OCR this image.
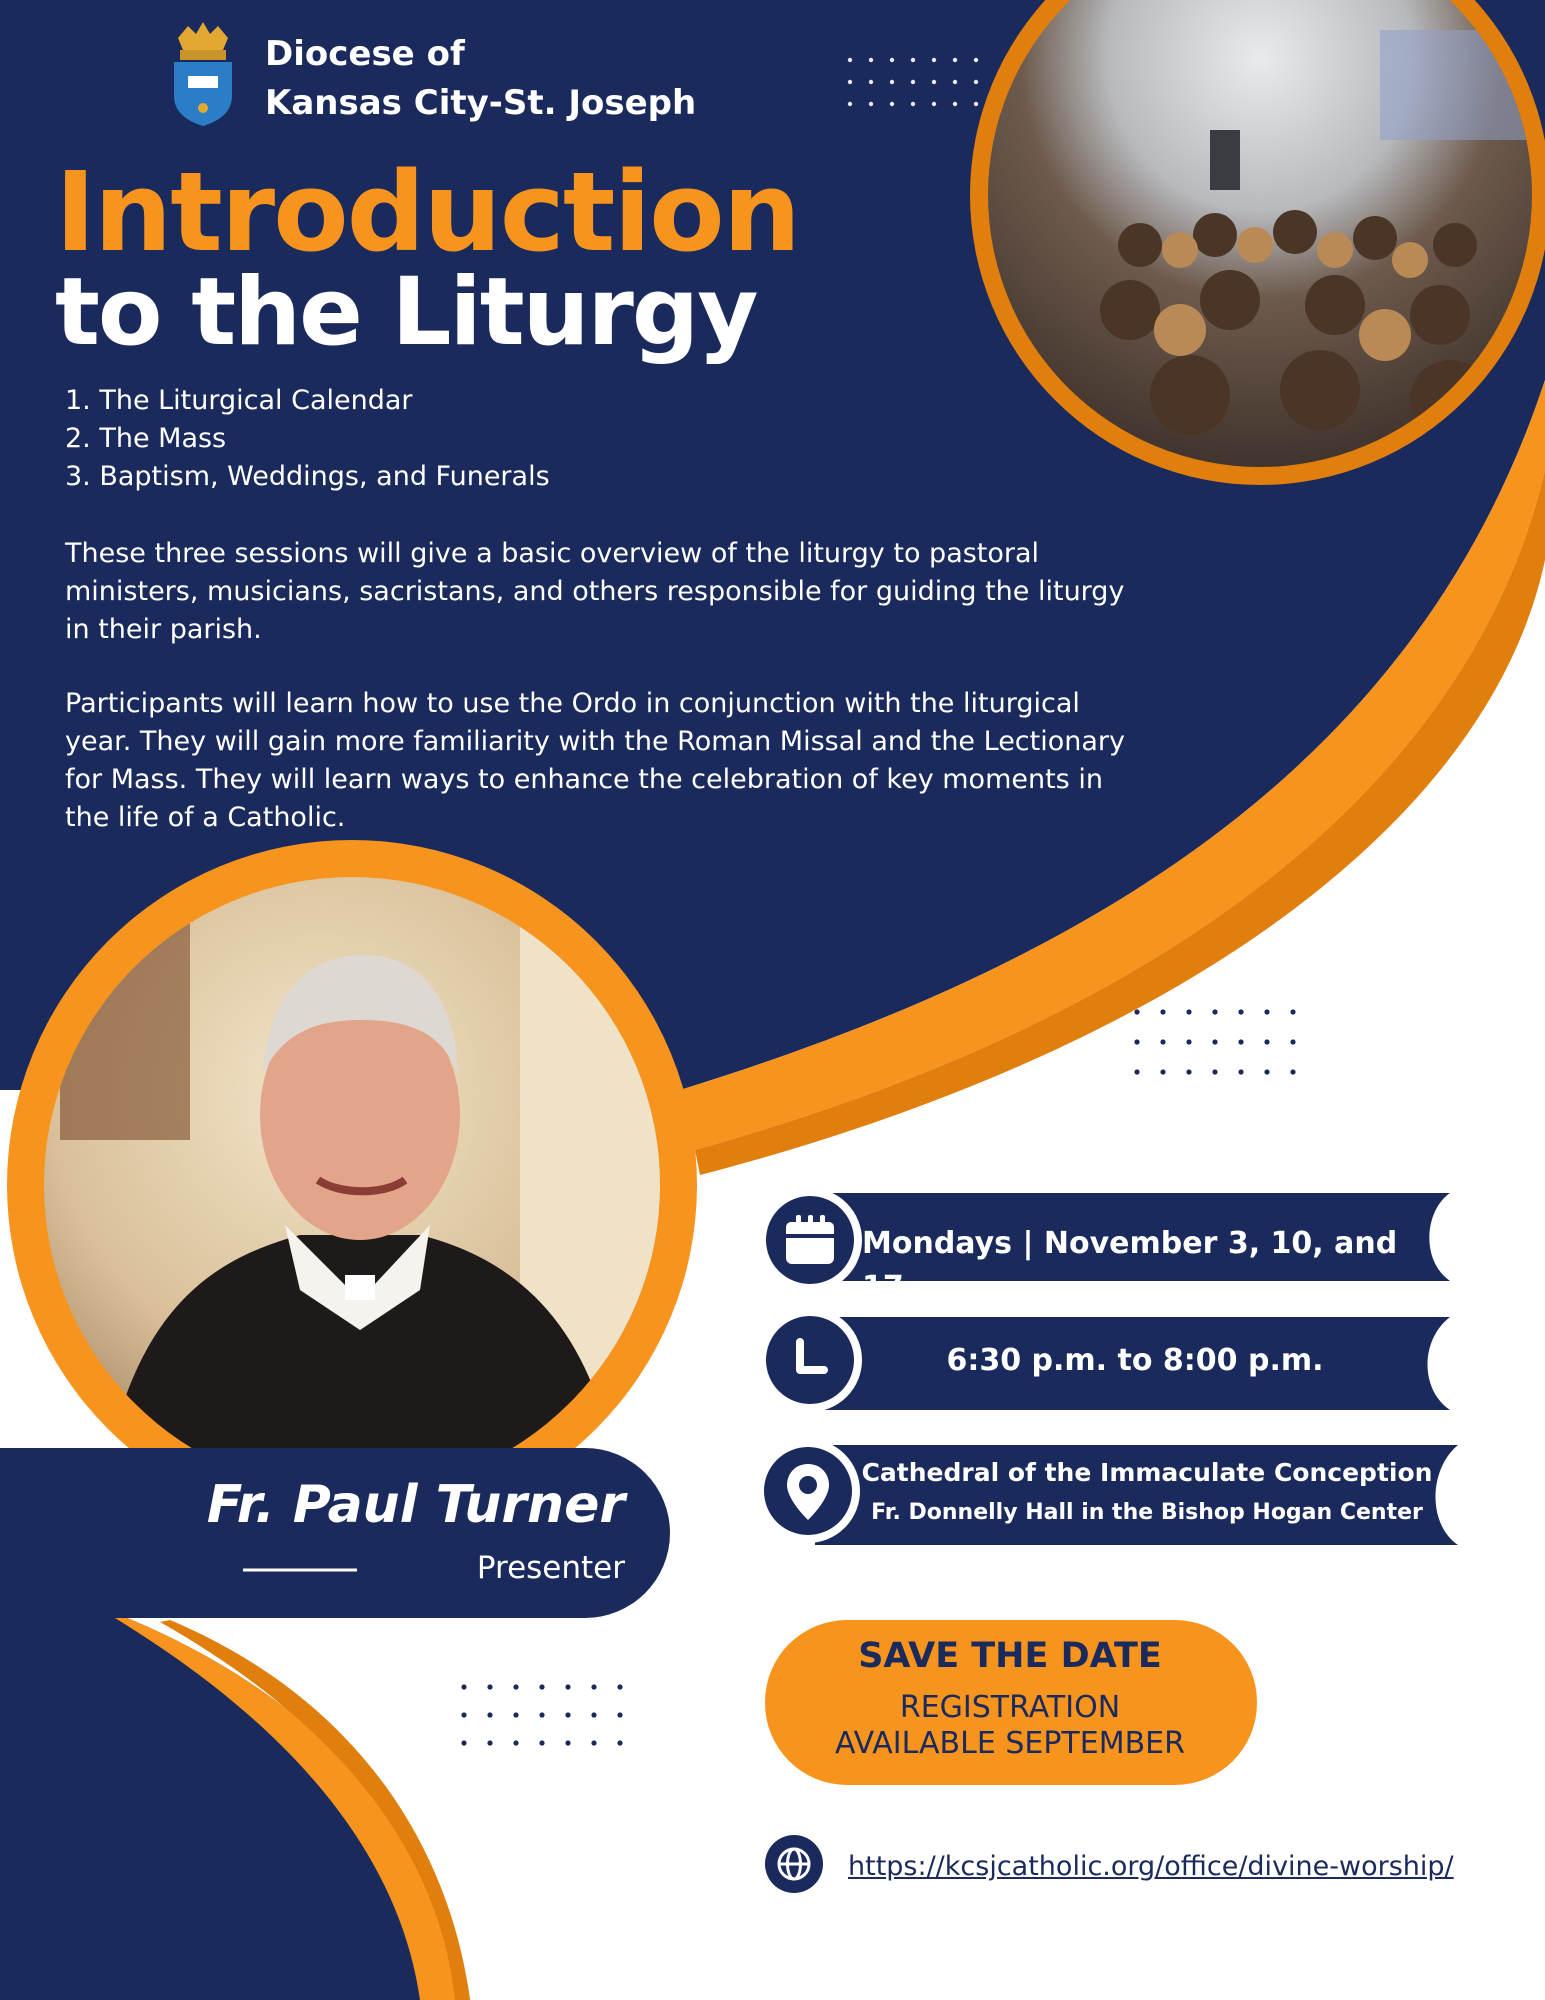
Diocese of
Kansas City-St. Joseph
Introduction
to the Liturgy
1. The Liturgical Calendar
2. The Mass
3. Baptism, Weddings, and Funerals

These three sessions will give a basic overview of the liturgy to pastoral ministers, musicians, sacristans, and others responsible for guiding the liturgy in their parish.

Participants will learn how to use the Ordo in conjunction with the liturgical year. They will gain more familiarity with the Roman Missal and the Lectionary for Mass. They will learn ways to enhance the celebration of key moments in the life of a Catholic.

Fr. Paul Turner
Presenter
Mondays | November 3, 10, and 17
6:30 p.m. to 8:00 p.m.
Cathedral of the Immaculate Conception
Fr. Donnelly Hall in the Bishop Hogan Center
SAVE THE DATE
REGISTRATION
AVAILABLE SEPTEMBER
https://kcsjcatholic.org/office/divine-worship/
